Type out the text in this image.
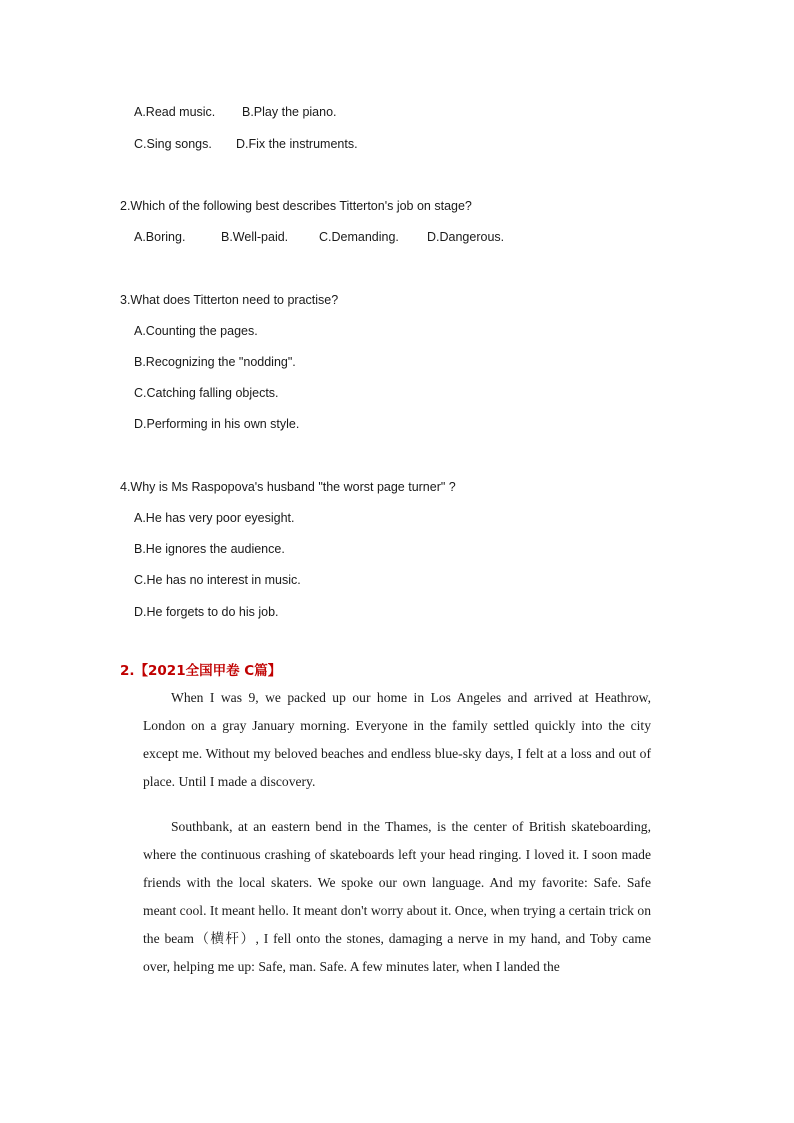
A.Read music. B.Play the piano.
C.Sing songs. D.Fix the instruments.
2.Which of the following best describes Titterton's job on stage?
A.Boring.	B.Well-paid. C.Demanding. D.Dangerous.
3.What does Titterton need to practise?
A.Counting the pages.
B.Recognizing the "nodding".
C.Catching falling objects.
D.Performing in his own style.
4.Why is Ms Raspopova's husband "the worst page turner" ?
A.He has very poor eyesight.
B.He ignores the audience.
C.He has no interest in music.
D.He forgets to do his job.
2.【2021全国甲卷 C篇】

When I was 9, we packed up our home in Los Angeles and arrived at Heathrow, London on a gray January morning. Everyone in the family settled quickly into the city except me. Without my beloved beaches and endless blue-sky days, I felt at a loss and out of place. Until I made a discovery.

Southbank, at an eastern bend in the Thames, is the center of British skateboarding, where the continuous crashing of skateboards left your head ringing. I loved it. I soon made friends with the local skaters. We spoke our own language. And my favorite: Safe. Safe meant cool. It meant hello. It meant don't worry about it. Once, when trying a certain trick on the beam（横杆）, I fell onto the stones, damaging a nerve in my hand, and Toby came over, helping me up: Safe, man. Safe. A few minutes later, when I landed the
